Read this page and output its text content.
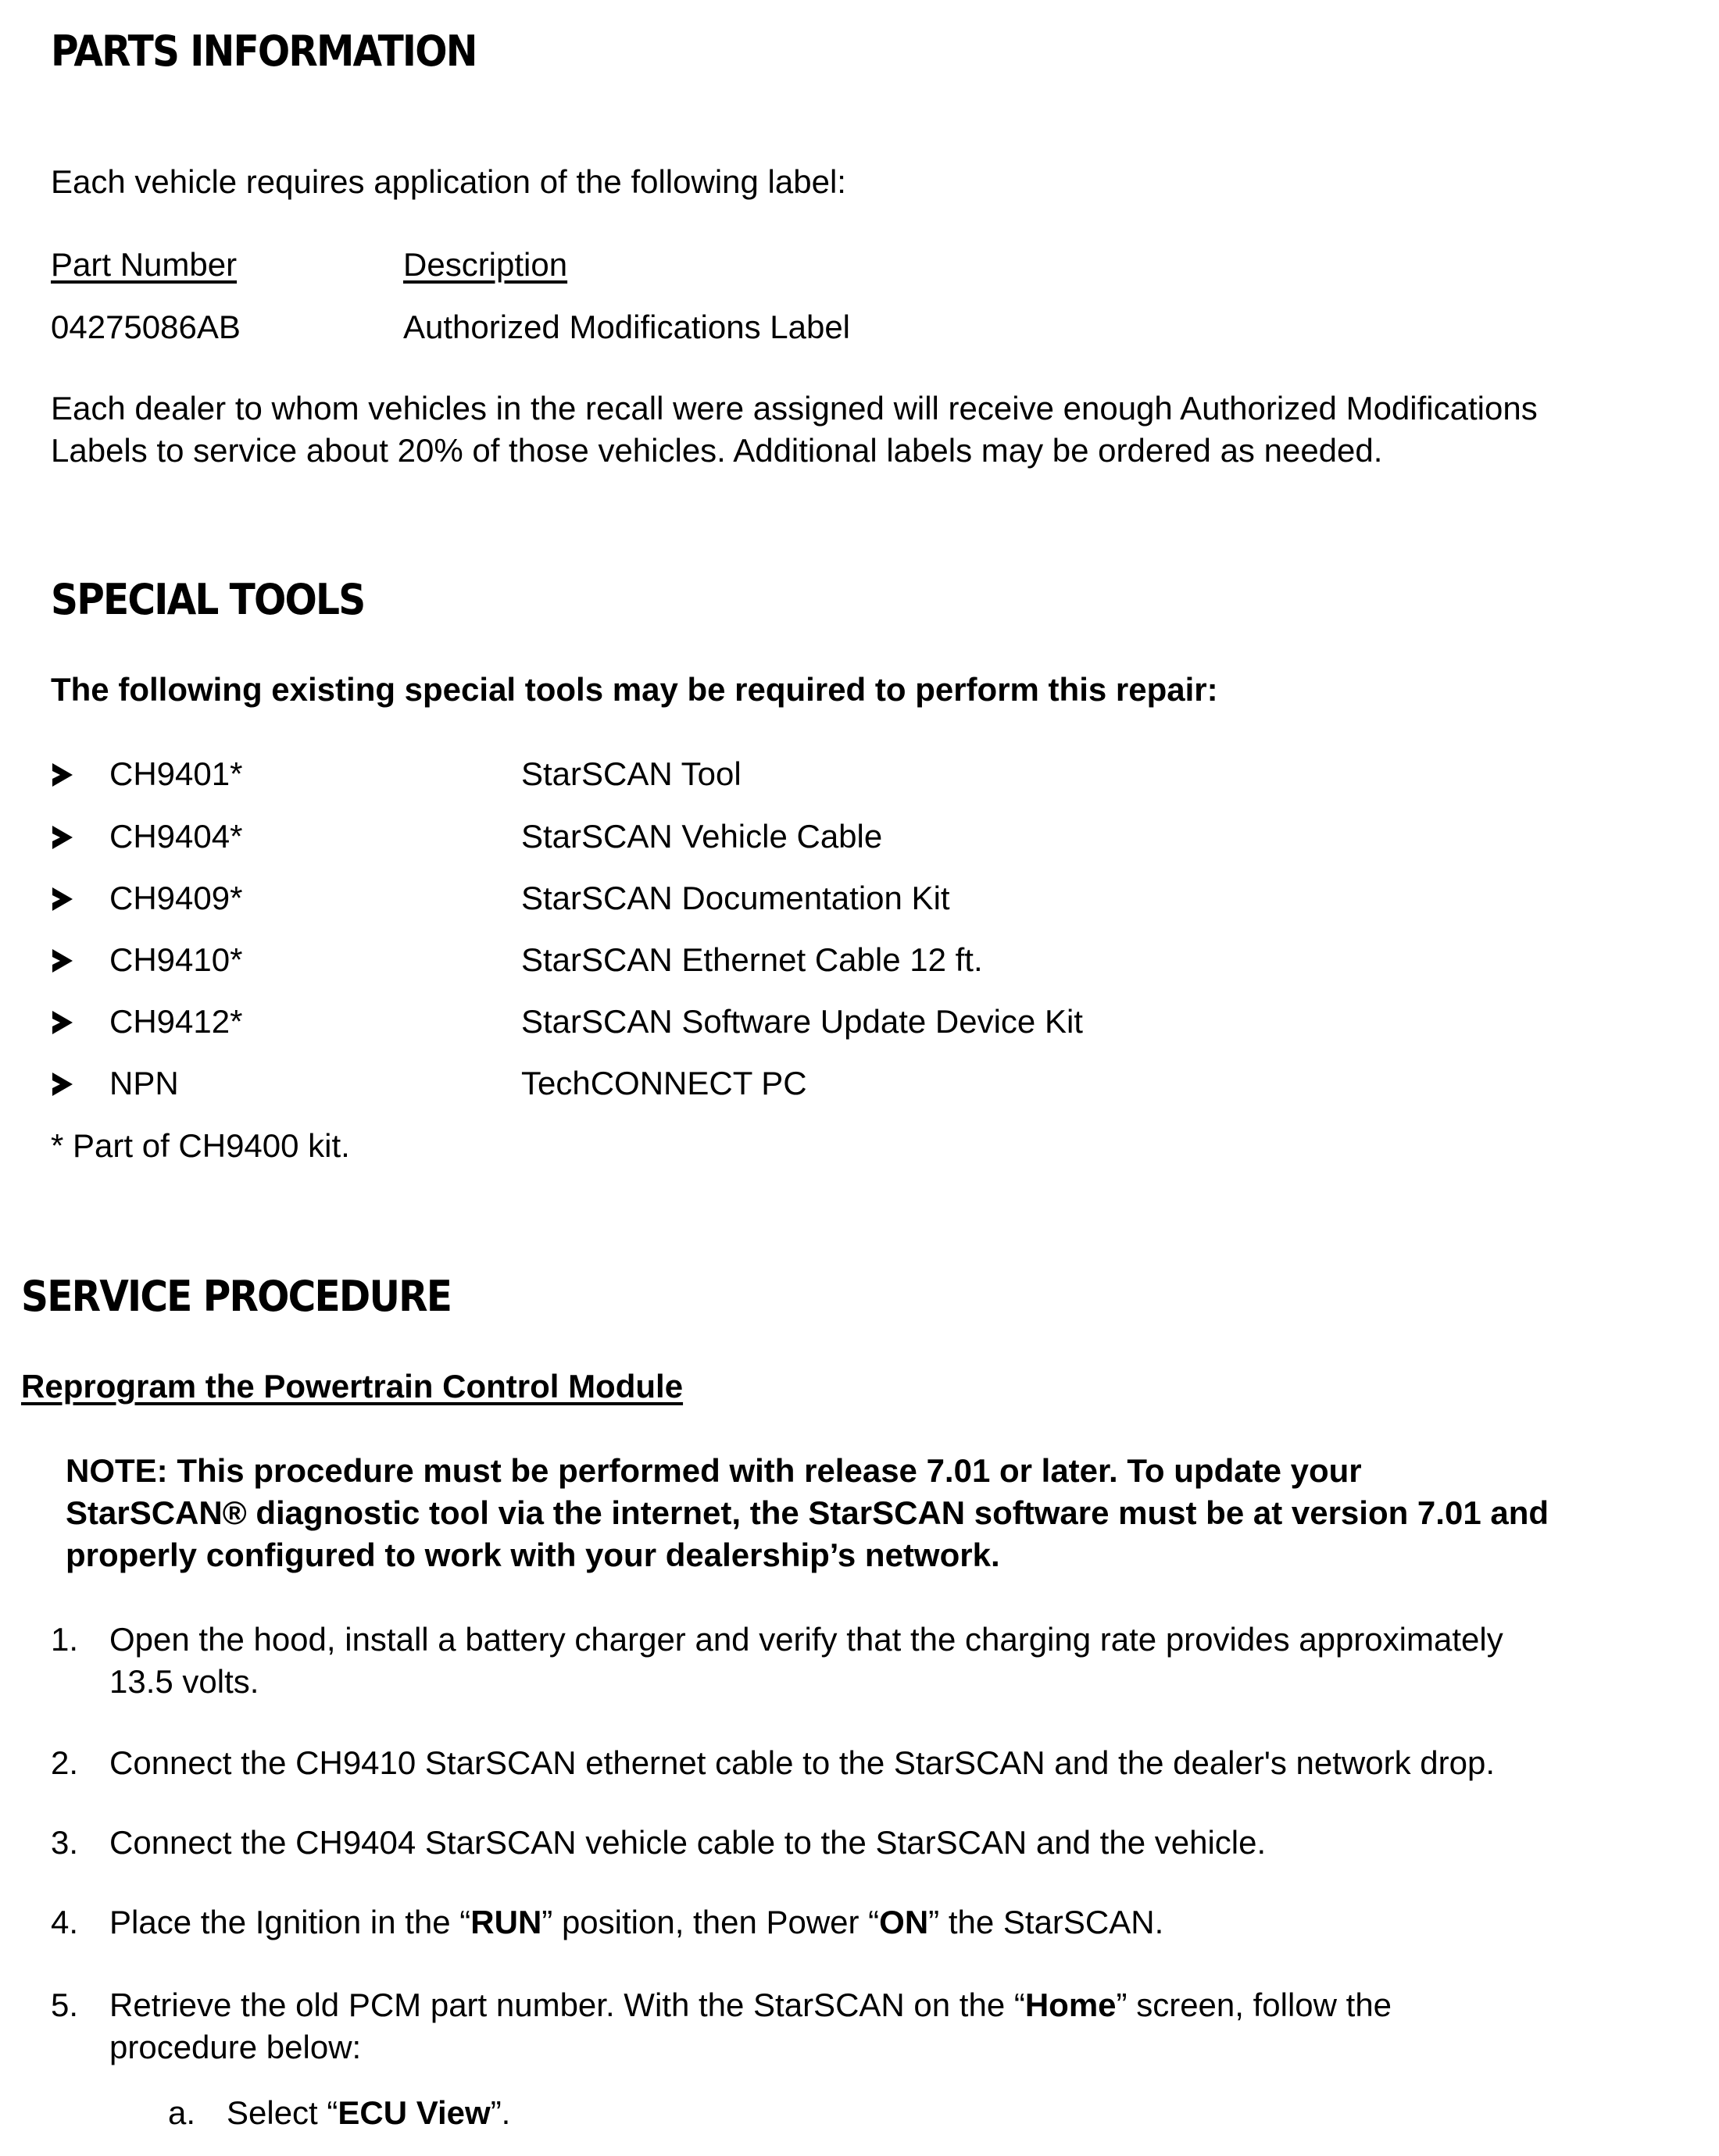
PARTS INFORMATION
Each vehicle requires application of the following label:
Part Number	Description
04275086AB	Authorized Modifications Label
Each dealer to whom vehicles in the recall were assigned will receive enough Authorized Modifications
Labels to service about 20% of those vehicles. Additional labels may be ordered as needed.
SPECIAL TOOLS
The following existing special tools may be required to perform this repair:
CH9401*	StarSCAN Tool
CH9404*	StarSCAN Vehicle Cable
CH9409*	StarSCAN Documentation Kit
CH9410*	StarSCAN Ethernet Cable 12 ft.
CH9412*	StarSCAN Software Update Device Kit
NPN	TechCONNECT PC
* Part of CH9400 kit.
SERVICE PROCEDURE
Reprogram the Powertrain Control Module
NOTE: This procedure must be performed with release 7.01 or later. To update your
StarSCAN® diagnostic tool via the internet, the StarSCAN software must be at version 7.01 and
properly configured to work with your dealership’s network.
1. Open the hood, install a battery charger and verify that the charging rate provides approximately
13.5 volts.
2. Connect the CH9410 StarSCAN ethernet cable to the StarSCAN and the dealer's network drop.
3. Connect the CH9404 StarSCAN vehicle cable to the StarSCAN and the vehicle.
4. Place the Ignition in the “RUN” position, then Power “ON” the StarSCAN.
5. Retrieve the old PCM part number. With the StarSCAN on the “Home” screen, follow the
procedure below:
a. Select “ECU View”.
